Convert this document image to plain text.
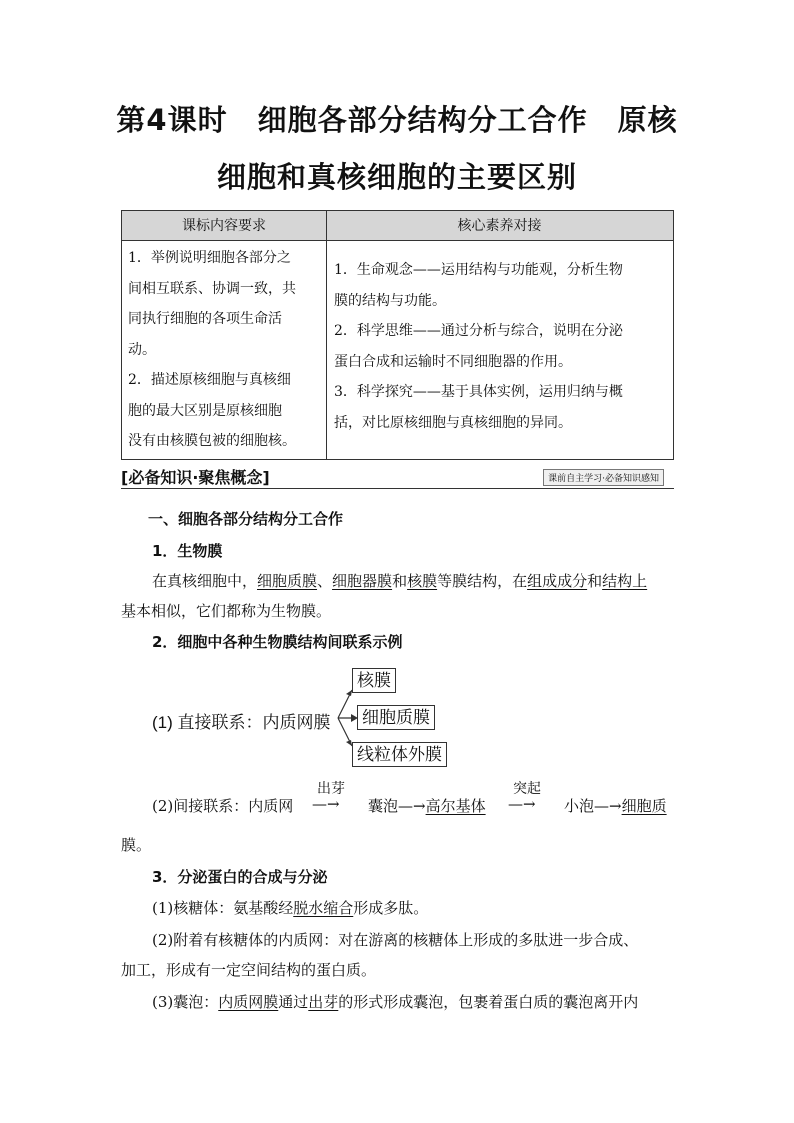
第4课时　细胞各部分结构分工合作　原核
细胞和真核细胞的主要区别
课标内容要求	核心素养对接

1．举例说明细胞各部分之

间相互联系、协调一致，共

同执行细胞的各项生命活

动。

2．描述原核细胞与真核细

胞的最大区别是原核细胞

没有由核膜包被的细胞核。

1．生命观念——运用结构与功能观，分析生物

膜的结构与功能。

2．科学思维——通过分析与综合，说明在分泌

蛋白合成和运输时不同细胞器的作用。

3．科学探究——基于具体实例，运用归纳与概

括，对比原核细胞与真核细胞的异同。

[必备知识·聚焦概念]	课前自主学习·必备知识感知
一、细胞各部分结构分工合作
1．生物膜
在真核细胞中，细胞质膜、细胞器膜和核膜等膜结构，在组成成分和结构上
基本相似，它们都称为生物膜。
2．细胞中各种生物膜结构间联系示例
(1) 直接联系：内质网膜
核膜
细胞质膜
线粒体外膜
(2)间接联系：内质网
出芽
—→ 囊泡—→高尔基体
突起
—→ 小泡—→细胞质
膜。
3．分泌蛋白的合成与分泌
(1)核糖体：氨基酸经脱水缩合形成多肽。
(2)附着有核糖体的内质网：对在游离的核糖体上形成的多肽进一步合成、
加工，形成有一定空间结构的蛋白质。
(3)囊泡：内质网膜通过出芽的形式形成囊泡，包裹着蛋白质的囊泡离开内
